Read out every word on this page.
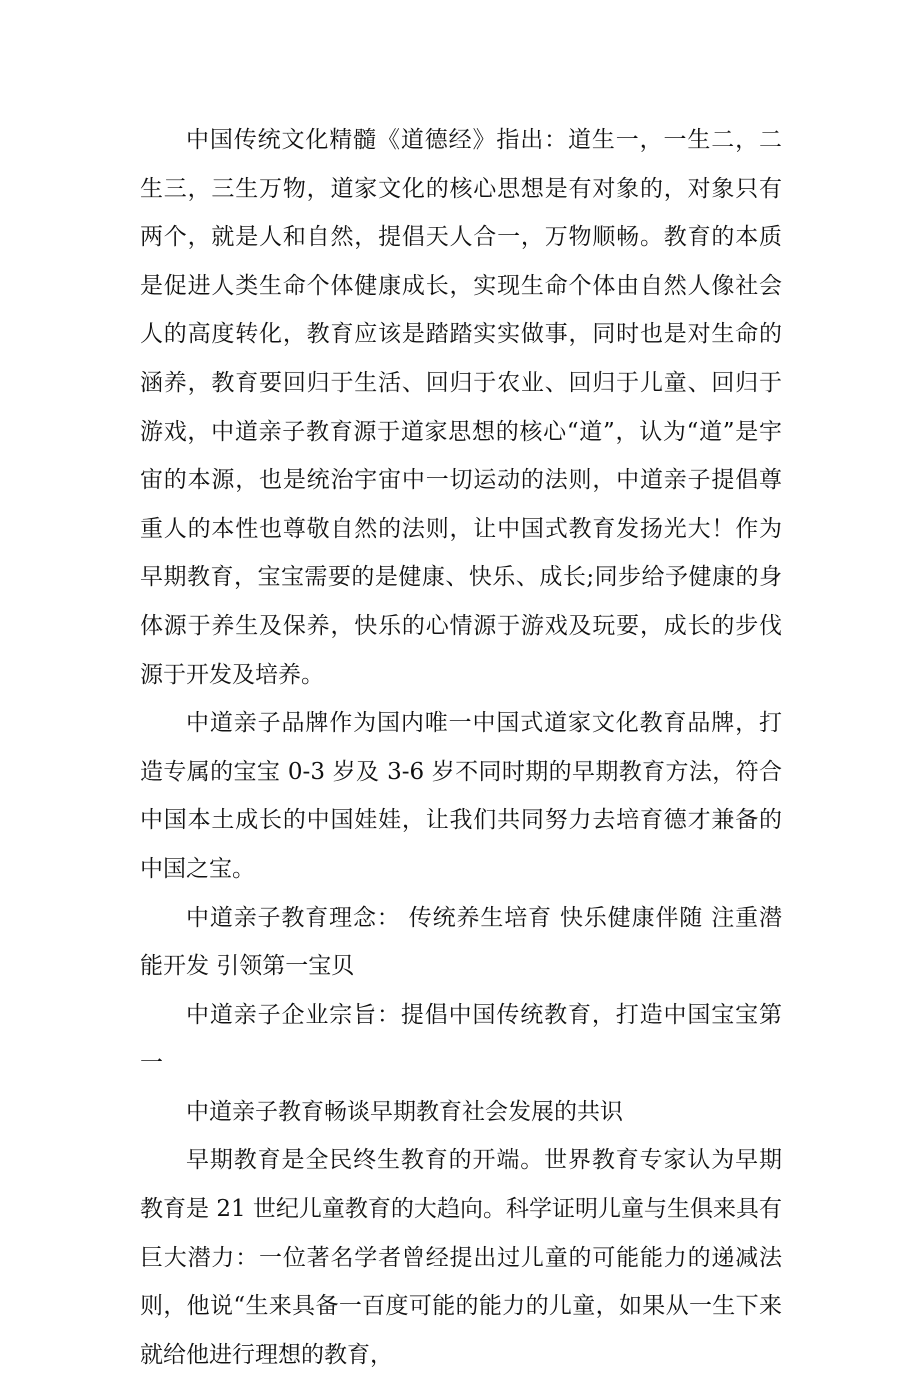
中国传统文化精髓《道德经》指出：道生一，一生二，二生三，三生万物，道家文化的核心思想是有对象的，对象只有两个，就是人和自然，提倡天人合一，万物顺畅。教育的本质是促进人类生命个体健康成长，实现生命个体由自然人像社会人的高度转化，教育应该是踏踏实实做事，同时也是对生命的涵养，教育要回归于生活、回归于农业、回归于儿童、回归于游戏，中道亲子教育源于道家思想的核心“道”，认为“道”是宇宙的本源，也是统治宇宙中一切运动的法则，中道亲子提倡尊重人的本性也尊敬自然的法则，让中国式教育发扬光大！作为早期教育，宝宝需要的是健康、快乐、成长;同步给予健康的身体源于养生及保养，快乐的心情源于游戏及玩要，成长的步伐源于开发及培养。

中道亲子品牌作为国内唯一中国式道家文化教育品牌，打造专属的宝宝 0-3 岁及 3-6 岁不同时期的早期教育方法，符合中国本土成长的中国娃娃，让我们共同努力去培育德才兼备的中国之宝。

中道亲子教育理念： 传统养生培育 快乐健康伴随 注重潜能开发 引领第一宝贝

中道亲子企业宗旨：提倡中国传统教育，打造中国宝宝第一

中道亲子教育畅谈早期教育社会发展的共识

早期教育是全民终生教育的开端。世界教育专家认为早期教育是 21 世纪儿童教育的大趋向。科学证明儿童与生俱来具有巨大潜力：一位著名学者曾经提出过儿童的可能能力的递减法则，他说“生来具备一百度可能的能力的儿童，如果从一生下来就给他进行理想的教育，
